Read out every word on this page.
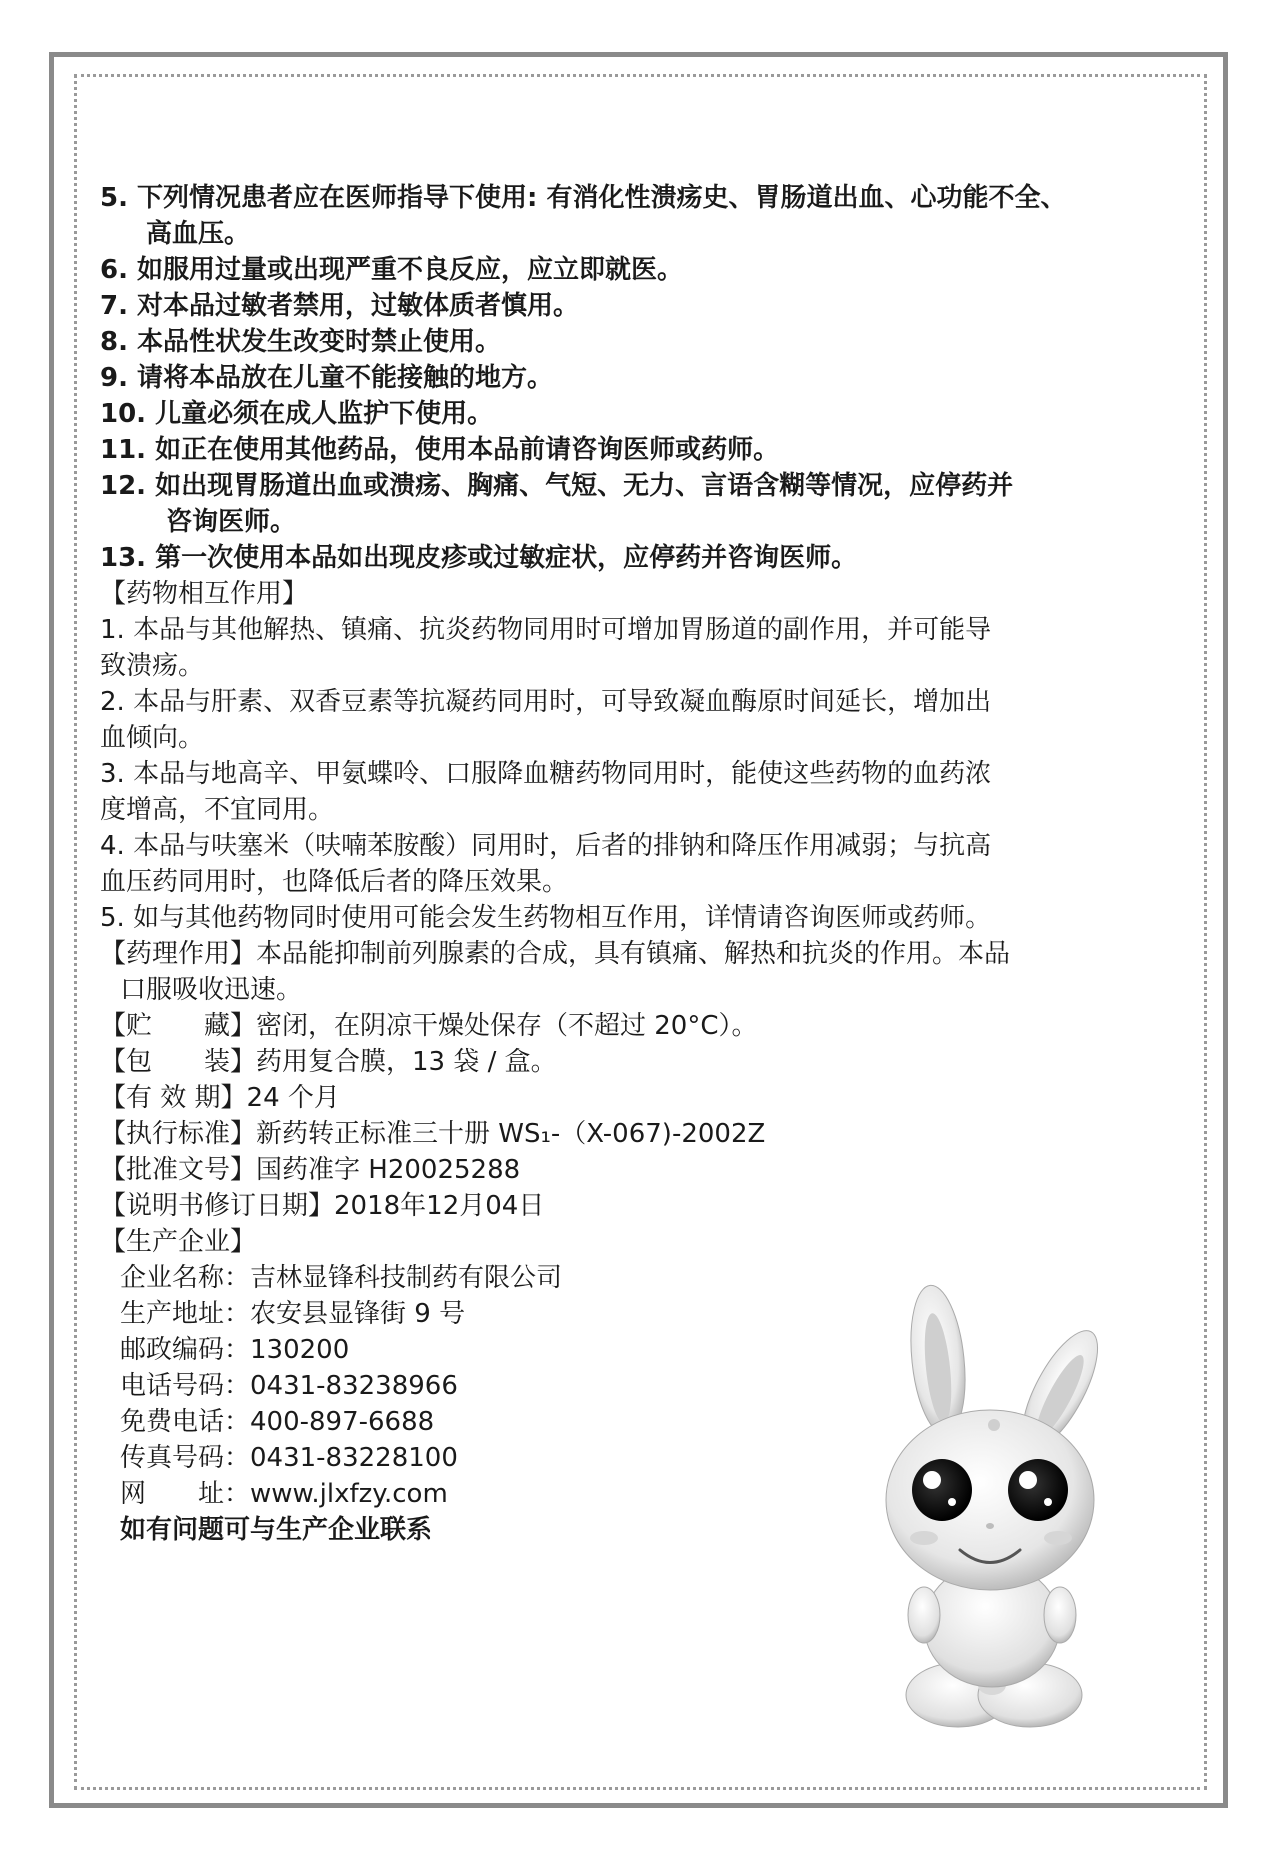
5. 下列情况患者应在医师指导下使用: 有消化性溃疡史、胃肠道出血、心功能不全、

高血压。

6. 如服用过量或出现严重不良反应，应立即就医。

7. 对本品过敏者禁用，过敏体质者慎用。

8. 本品性状发生改变时禁止使用。

9. 请将本品放在儿童不能接触的地方。

10. 儿童必须在成人监护下使用。

11. 如正在使用其他药品，使用本品前请咨询医师或药师。

12. 如出现胃肠道出血或溃疡、胸痛、气短、无力、言语含糊等情况，应停药并

咨询医师。

13. 第一次使用本品如出现皮疹或过敏症状，应停药并咨询医师。

【药物相互作用】

1. 本品与其他解热、镇痛、抗炎药物同用时可增加胃肠道的副作用，并可能导

致溃疡。

2. 本品与肝素、双香豆素等抗凝药同用时，可导致凝血酶原时间延长，增加出

血倾向。

3. 本品与地高辛、甲氨蝶呤、口服降血糖药物同用时，能使这些药物的血药浓

度增高，不宜同用。

4. 本品与呋塞米（呋喃苯胺酸）同用时，后者的排钠和降压作用减弱；与抗高

血压药同用时，也降低后者的降压效果。

5. 如与其他药物同时使用可能会发生药物相互作用，详情请咨询医师或药师。

【药理作用】本品能抑制前列腺素的合成，具有镇痛、解热和抗炎的作用。本品

口服吸收迅速。

【贮　　藏】密闭，在阴凉干燥处保存（不超过 20°C）。

【包　　装】药用复合膜，13 袋 / 盒。

【有 效 期】24 个月

【执行标准】新药转正标准三十册 WS₁-（X-067)-2002Z

【批准文号】国药准字 H20025288

【说明书修订日期】2018年12月04日

【生产企业】

企业名称：吉林显锋科技制药有限公司

生产地址：农安县显锋街 9 号

邮政编码：130200

电话号码：0431-83238966

免费电话：400-897-6688

传真号码：0431-83228100

网　　址：www.jlxfzy.com

如有问题可与生产企业联系
